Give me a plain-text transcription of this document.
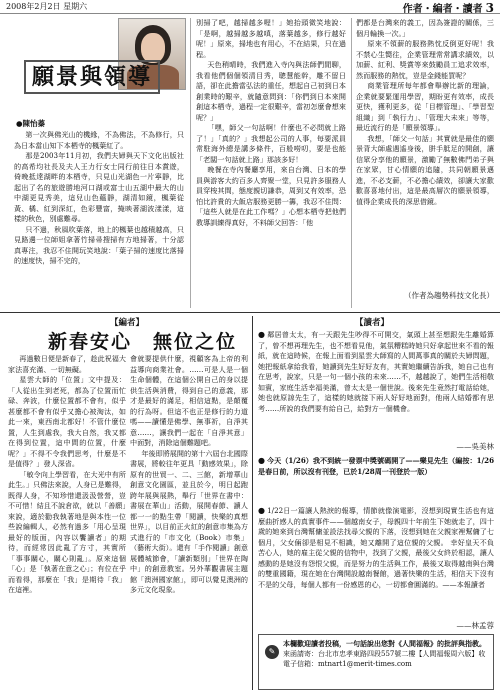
2008年2月2日 星期六	作者・編者・讀者 3
願景與領導
●陳怡蓁

第一次與佛光山的機緣，不為佛法，不為修行，只為日本當山知下本栖寺的楓葉紅了。

那是2003年11月初，我們夫婦與天下文化出版社的高希均社長及夫人王力行女士同行前往日本賞遊，倚晚抵達湖畔的本栖寺，只見山光湖色一片寧靜，比起出了名的旅遊勝地河口湖或富士山五湖中最大的山中湖更見秀美，這兒山色蘊靜，湖清如鏡，楓葉從黃、橘、紅到深紅，色彩豐富，掩映著湖波漾漾，這樣的秋色，別處難尋。

只不過，秋風吹葉落，地上的楓葉也越積越高，只見路邊一位師姐拿著竹掃帚搜掃有方地掃著，十分認真專注，我忍不住開玩笑地說：「葉子掃的速度比落掃的速度快，掃不完的，

別掃了吧，越掃越多喔！」她抬頭微笑地說：「是啊，越掃越多越嗔，落葉越多，修行越好呢！」原來，掃地也有用心，不在結果，只在過程。

天色稍晴時，我們進入寺內與法師們閒聊，我看他們個個領清目秀，聰慧能幹，雕不留日語，卻在此擔當弘法的重任，想起自己初到日本創業時的艱辛，就隨意問到：「你們到日本來開創這本栖寺，過程一定很艱辛，當初怎麼會想來呢？」

「嘿，師父一句話啊！什麼也不必問就上路了！」「真的？」我想起公司的人事，每要派員常駐海外總是講多條件，百般嘮叨，要是也能「老闆一句話就上路」那該多好！

晚餐在寺內餐廳享用，來自台灣、日本的學員與游客大約百多人齊聚一堂，只見許多服務人員穿梭其間，態度親切謙恭，周到又有效率，恐怕比許貴的大飯店服務更勝一籌，我忍不住問：「這些人就是在此工作嗎？」心想本栖寺把他們教導訓練得真好，不料師父回答：「他

們都是台灣來的義工，因為簽證的關係，三個月輪換一次。」

原來不領薪的服務熱忱反倒更好呢！我不禁心生嚮往，企業管理常常講求績效，以加薪、紅利、獎賞等來鼓勵員工追求效率，然而服務的熱忱，豈是金錢能買呢？

商業管理所每年都會舉辦比新的理論，企業就要緊運用學習，期盼更有效率，成長更快，獲利更多，從「目標管理」、「學習型組織」到「執行力」、「管理大未來」等等，最近流行的是「願景領導」。

我想，「師父一句話」其實就是最佳的願景背大師處遇遙身後，胼手胝足的開創，讓信眾分享他的願景，激勵了無數佛門弟子與在家眾，甘心情願的追隨，共同朝願景邁進，不必支薪，不必擔心績效，卻讓大家歡歡喜喜地付出，這是最高層次的願景領導，值得企業成長的深思借鏡。

（作者為趨勢科技文化長）
【編者】
新春安心　無位之位

再過數日便是新春了，趁此祝福大家法喜充滿、一切無礙。

星雲大師的「位置」文中提及：「人從出生到老死，都為了位置而忙碌、奔波，什麼位置都不會有，似乎甚麼都不會有似乎又擔心被淘汰，如此一來，東西南北都好！不管什麼位置，人生到處我，我大自然，我又都在得到位置，這中間的位置，什麼呢？」不得不令我們思考，什麼是不是值得？」發人深省。

「敏令向上學習看，在大光中有所此生。」只佛法來說，人身已是難得，既得人身，不知珍惜還汲汲營營，豈不可惜！結且不說倉欲，就以「善願」來說，適於勸我執著地是與本性一位些說編輯人，必然有過多「用心呈現最好的版面，內容以饗讀者」的期待，而經常因此亂了方寸，其實所「事事關心，關心則亂」。原來這個「心」是「執著在意之心」；有位在乎而看得，那麼在「我」是期待「我」在這裡。

會就要提供什麼，視顧客為上帝的利益導向商業社會。……可是人是一個生命個體，在這個公開自己的身以提供生活與消費，得到自己的意義，那才是最好的滿足，相信這點，是顛覆的行為呀。但這不也正是修行的力道嗎——讀懂是佛學、無事祈，自淨其意……，讓我們一起在「自淨其意」中面對，消除這個難題吧。

年後即將展開的第十六屆台北國際書展，將較往年更具「動感效果」，除原有的世貿一、二、三館，新增華山創意文化園區，並且於今，明日起跑跨年展與展熱，舉行「世界在書中：書展在華山」活動，展開春節、讀人都一一的點生帶「閱讀，快樂的真想世界」，以目前正火紅的創意市集為方式進行的「市文化（Book）市集」（藝術大街）。還有「手作閱讀」創意展體城節會，「讀新類別」「世界在陶中」的創意教室。另外華觀書展主題館「澳洲國家館」，即可以覺見澳洲的多元文化現象。

【讀者】
● 鄰居曾太太，有一天跟先生吵得不可開交，氣頭上甚至想跟先生離婚算了，曾不想再理先生，也不想看見他，氣氛糟糕時她只好拿起世來不看的報紙，就在這時候，在報上面看到星雲大師寫的人間萬事真的關於夫婦問題，她把報紙拿給我看，她讀到先生好好友有，其實她繼續告訴我，她自己也有在思考，說家，只是一句一個小孩的未來……不，越越說了，她們生活相敬如賓，家庭生活幸福美滿，曾太太是一個世說。後來先生竟然打電話給她，她也就原諒先生了，這樣的她就接下兩人好好地面對，他兩人結婚都有思考……所說的我們要有給自己，給對方一個機會。
——吳美林
● 今天（1/26）我不到統一發票中獎號碼開了——樂見先生（編按：1/26是春日前，所以沒有刊登，已於1/28周一刊登於一版）
● 1/22日一篇讓人熱淚的報導，情節就像演電影，沒想到現實生活也有這麼曲折感人的真實事件——個越南女子，母親四十年前生下她就走了，四十歲的她來到台灣幫傭並設法找尋父親的下落，沒想到她在父親家裡幫傭了七個月，父女倆卻是相見不相識，她又離開了這位親的父親。 幸好皇天不負苦心人，她的雇主從父親的信物中，找到了父親，最後父女終於相認，讓人感動的是她沒有怨恨父親，而是努力的生活與工作，最後又取得越南與台灣的雙重國籍，現在她在台灣開設越南餐館，過著快樂的生活，相信天下沒有不是的父母，每個人都有一份感恩的心，一切都會圓滿的。——本報讀者
——林孟蓉
✎
本欄歡迎讀者投稿，一句話說出您對《人間福報》的批評與指教。
來函請寄：台北市忠孝東路四段557號二樓【人間福報周六版】收
電子信箱：mtnart1@merit-times.com
